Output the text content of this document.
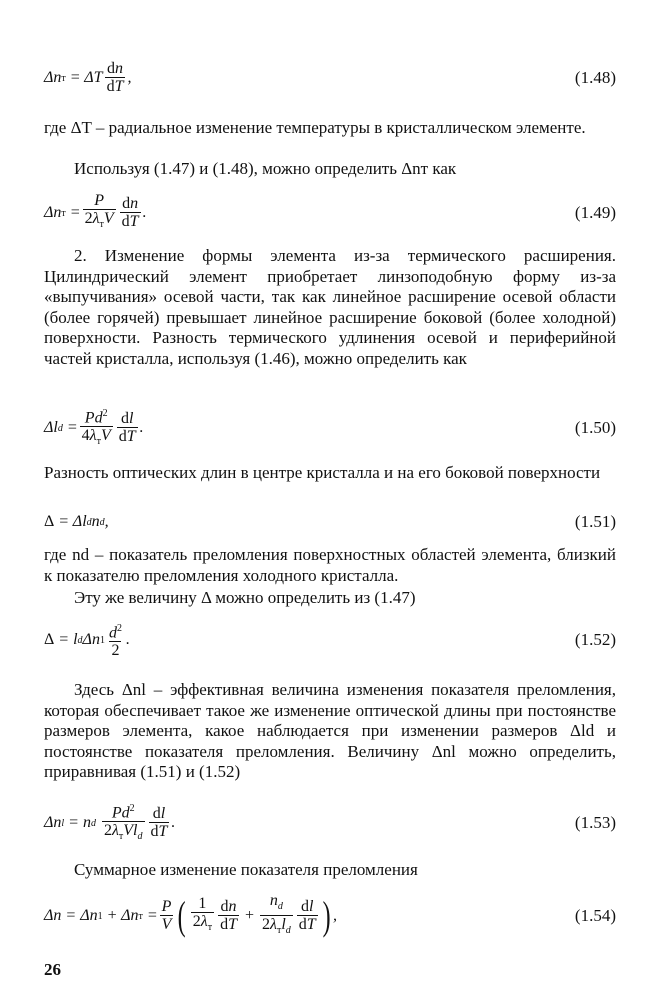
Δn т = ΔT $\frac{dn}{dT}$ ,	(1.48)

где ΔT – радиальное изменение температуры в кристаллическом элементе.

Используя (1.47) и (1.48), можно определить Δnт как

Δn $т = \frac{P}{2\lambda_тV} \frac{dn}{dT}$ .	(1.49)

2. Изменение формы элемента из-за термического расширения. Цилиндрический элемент приобретает линзоподобную форму из-за «выпучивания» осевой части, так как линейное расширение осевой области (более горячей) превышает линейное расширение боковой (более холодной) поверхности. Разность термического удлинения осевой и периферийной частей кристалла, используя (1.46), можно определить как

Δl $d = \frac{Pd^2}{4\lambda_тV} \frac{dl}{dT}$ .	(1.50)

Разность оптических длин в центре кристалла и на его боковой поверхности

Δ = Δl d n d ,	(1.51)

где nd – показатель преломления поверхностных областей элемента, близкий к показателю преломления холодного кристалла.

Эту же величину Δ можно определить из (1.47)

Δ = l d Δn $1 \frac{d^2}{2}$ .	(1.52)

Здесь Δnl – эффективная величина изменения показателя преломления, которая обеспечивает такое же изменение оптической длины при постоянстве размеров элемента, какое наблюдается при изменении размеров Δld и постоянстве показателя преломления. Величину Δnl можно определить, приравнивая (1.51) и (1.52)

Δn l = n d
$\frac{Pd^2}{2\lambda_тVl_d} \frac{dl}{dT}$ .	(1.53)

Суммарное изменение показателя преломления

Δn = Δn 1 + Δn $т = \frac{P}{V}$ ( $\frac{1}{2\lambda_т} \frac{dn}{dT} + \frac{n_d}{2\lambda_тl_d} \frac{dl}{dT}$ ) ,	(1.54)
26
